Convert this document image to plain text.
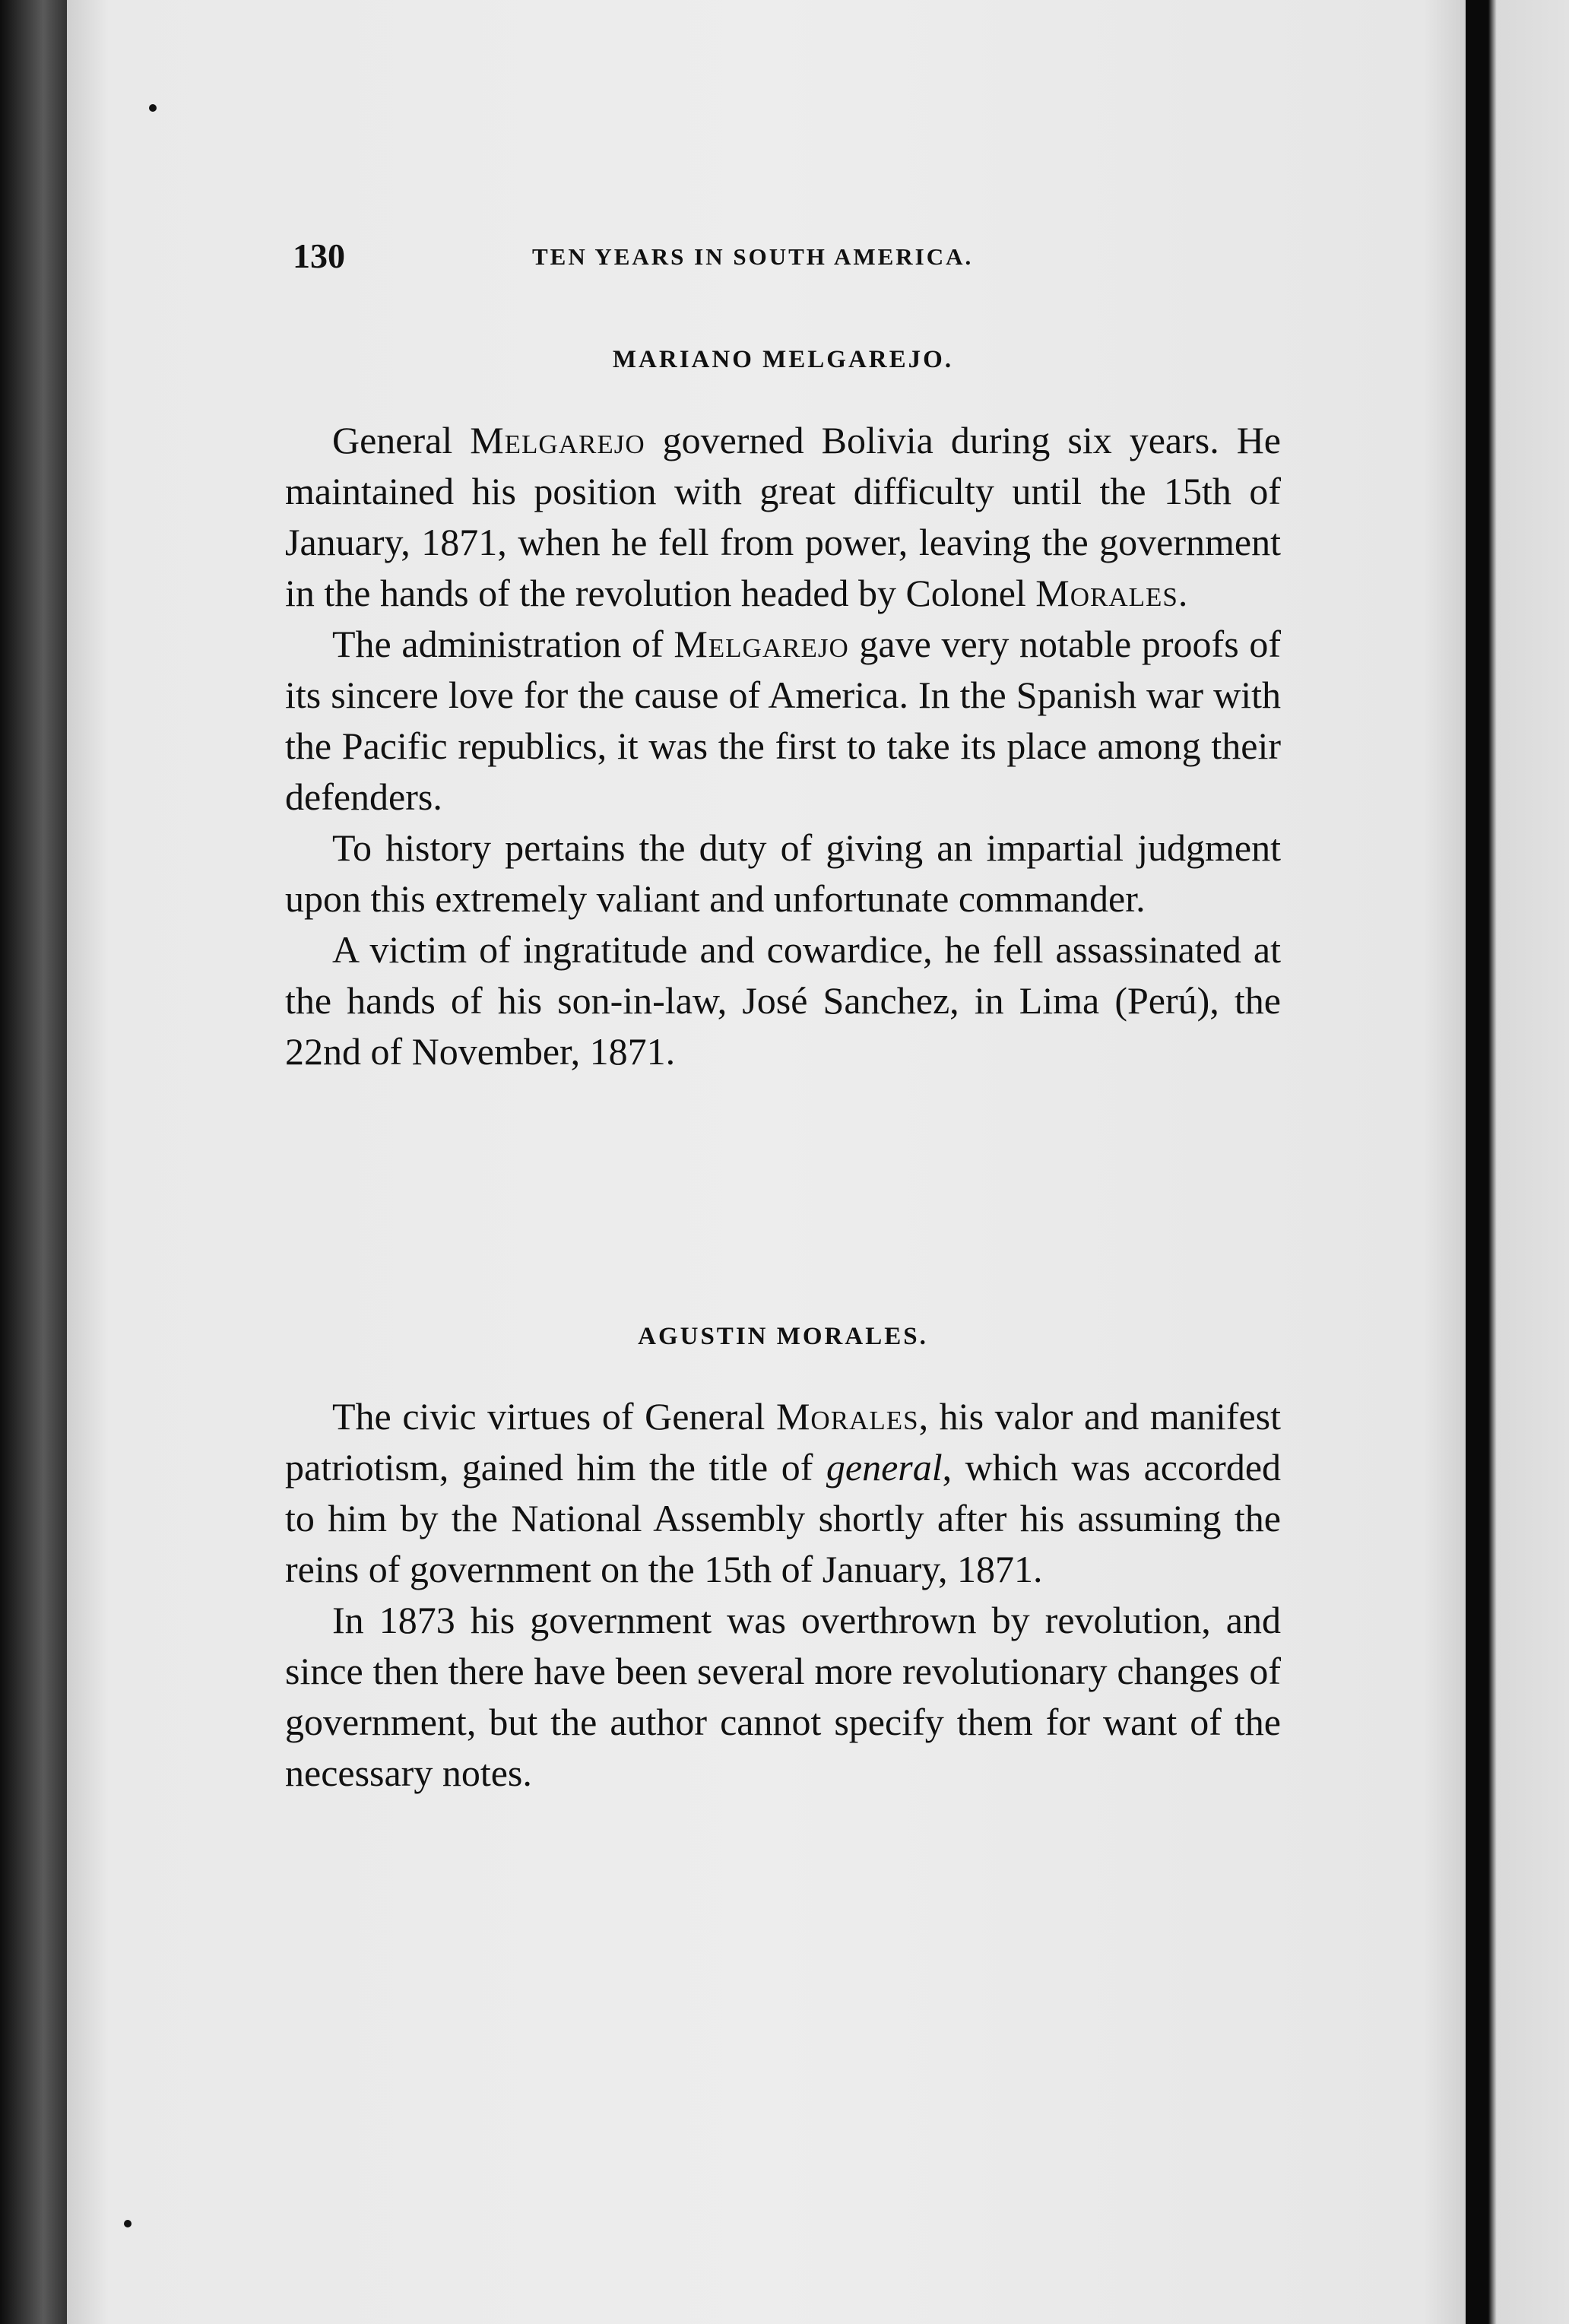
130	TEN YEARS IN SOUTH AMERICA.
MARIANO MELGAREJO.

General Melgarejo governed Bolivia during six years. He maintained his position with great difficulty until the 15th of January, 1871, when he fell from power, leaving the government in the hands of the revolution headed by Colonel Morales.

The administration of Melgarejo gave very notable proofs of its sincere love for the cause of America. In the Spanish war with the Pacific republics, it was the first to take its place among their defenders.

To history pertains the duty of giving an impartial judgment upon this extremely valiant and unfortunate commander.

A victim of ingratitude and cowardice, he fell assassinated at the hands of his son-in-law, José Sanchez, in Lima (Perú), the 22nd of November, 1871.

AGUSTIN MORALES.

The civic virtues of General Morales, his valor and manifest patriotism, gained him the title of general, which was accorded to him by the National Assembly shortly after his assuming the reins of government on the 15th of January, 1871.

In 1873 his government was overthrown by revolution, and since then there have been several more revolutionary changes of government, but the author cannot specify them for want of the necessary notes.
